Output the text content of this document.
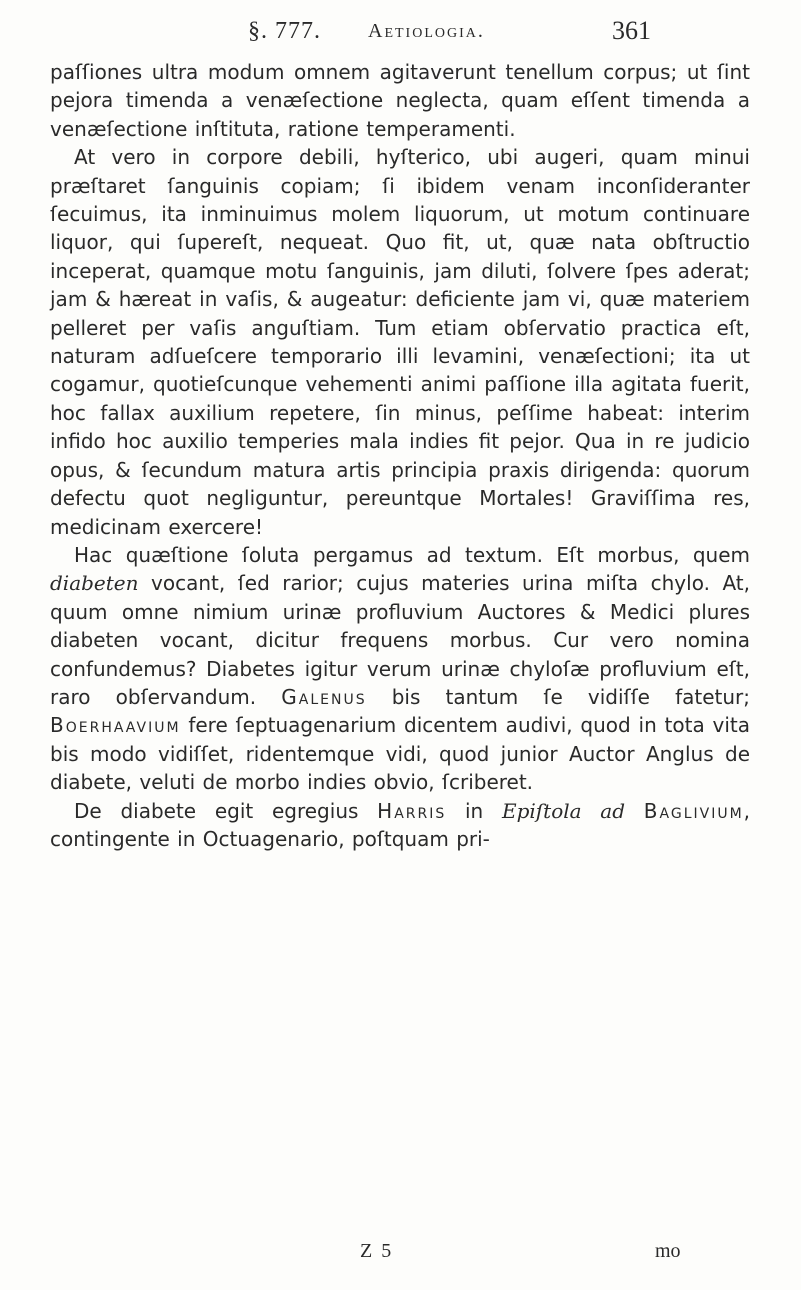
§. 777. Aetiologia.	361

paſſiones ultra modum omnem agitaverunt tenellum corpus; ut ſint pejora timenda a venæſectione neglecta, quam eſſent timenda a venæſectione inſtituta, ratione temperamenti.

At vero in corpore debili, hyſterico, ubi augeri, quam minui præſtaret ſanguinis copiam; ſi ibidem venam inconſideranter ſecuimus, ita inminuimus molem liquorum, ut motum continuare liquor, qui ſupereſt, nequeat. Quo fit, ut, quæ nata obſtructio inceperat, quamque motu ſanguinis, jam diluti, ſolvere ſpes aderat; jam & hæreat in vaſis, & augeatur: deficiente jam vi, quæ materiem pelleret per vaſis anguſtiam. Tum etiam obſervatio practica eſt, naturam adſueſcere temporario illi levamini, venæſectioni; ita ut cogamur, quotieſcunque vehementi animi paſſione illa agitata fuerit, hoc fallax auxilium repetere, ſin minus, peſſime habeat: interim infido hoc auxilio temperies mala indies fit pejor. Qua in re judicio opus, & ſecundum matura artis principia praxis dirigenda: quorum defectu quot negliguntur, pereuntque Mortales! Graviſſima res, medicinam exercere!

Hac quæſtione ſoluta pergamus ad textum. Eſt morbus, quem diabeten vocant, ſed rarior; cujus materies urina miſta chylo. At, quum omne nimium urinæ profluvium Auctores & Medici plures diabeten vocant, dicitur frequens morbus. Cur vero nomina confundemus? Diabetes igitur verum urinæ chyloſæ profluvium eſt, raro obſervandum. Galenus bis tantum ſe vidiſſe fatetur; Boerhaavium fere ſeptuagenarium dicentem audivi, quod in tota vita bis modo vidiſſet, ridentemque vidi, quod junior Auctor Anglus de diabete, veluti de morbo indies obvio, ſcriberet.

De diabete egit egregius Harris in Epiſtola ad Baglivium, contingente in Octuagenario, poſtquam pri-

Z 5	mo
